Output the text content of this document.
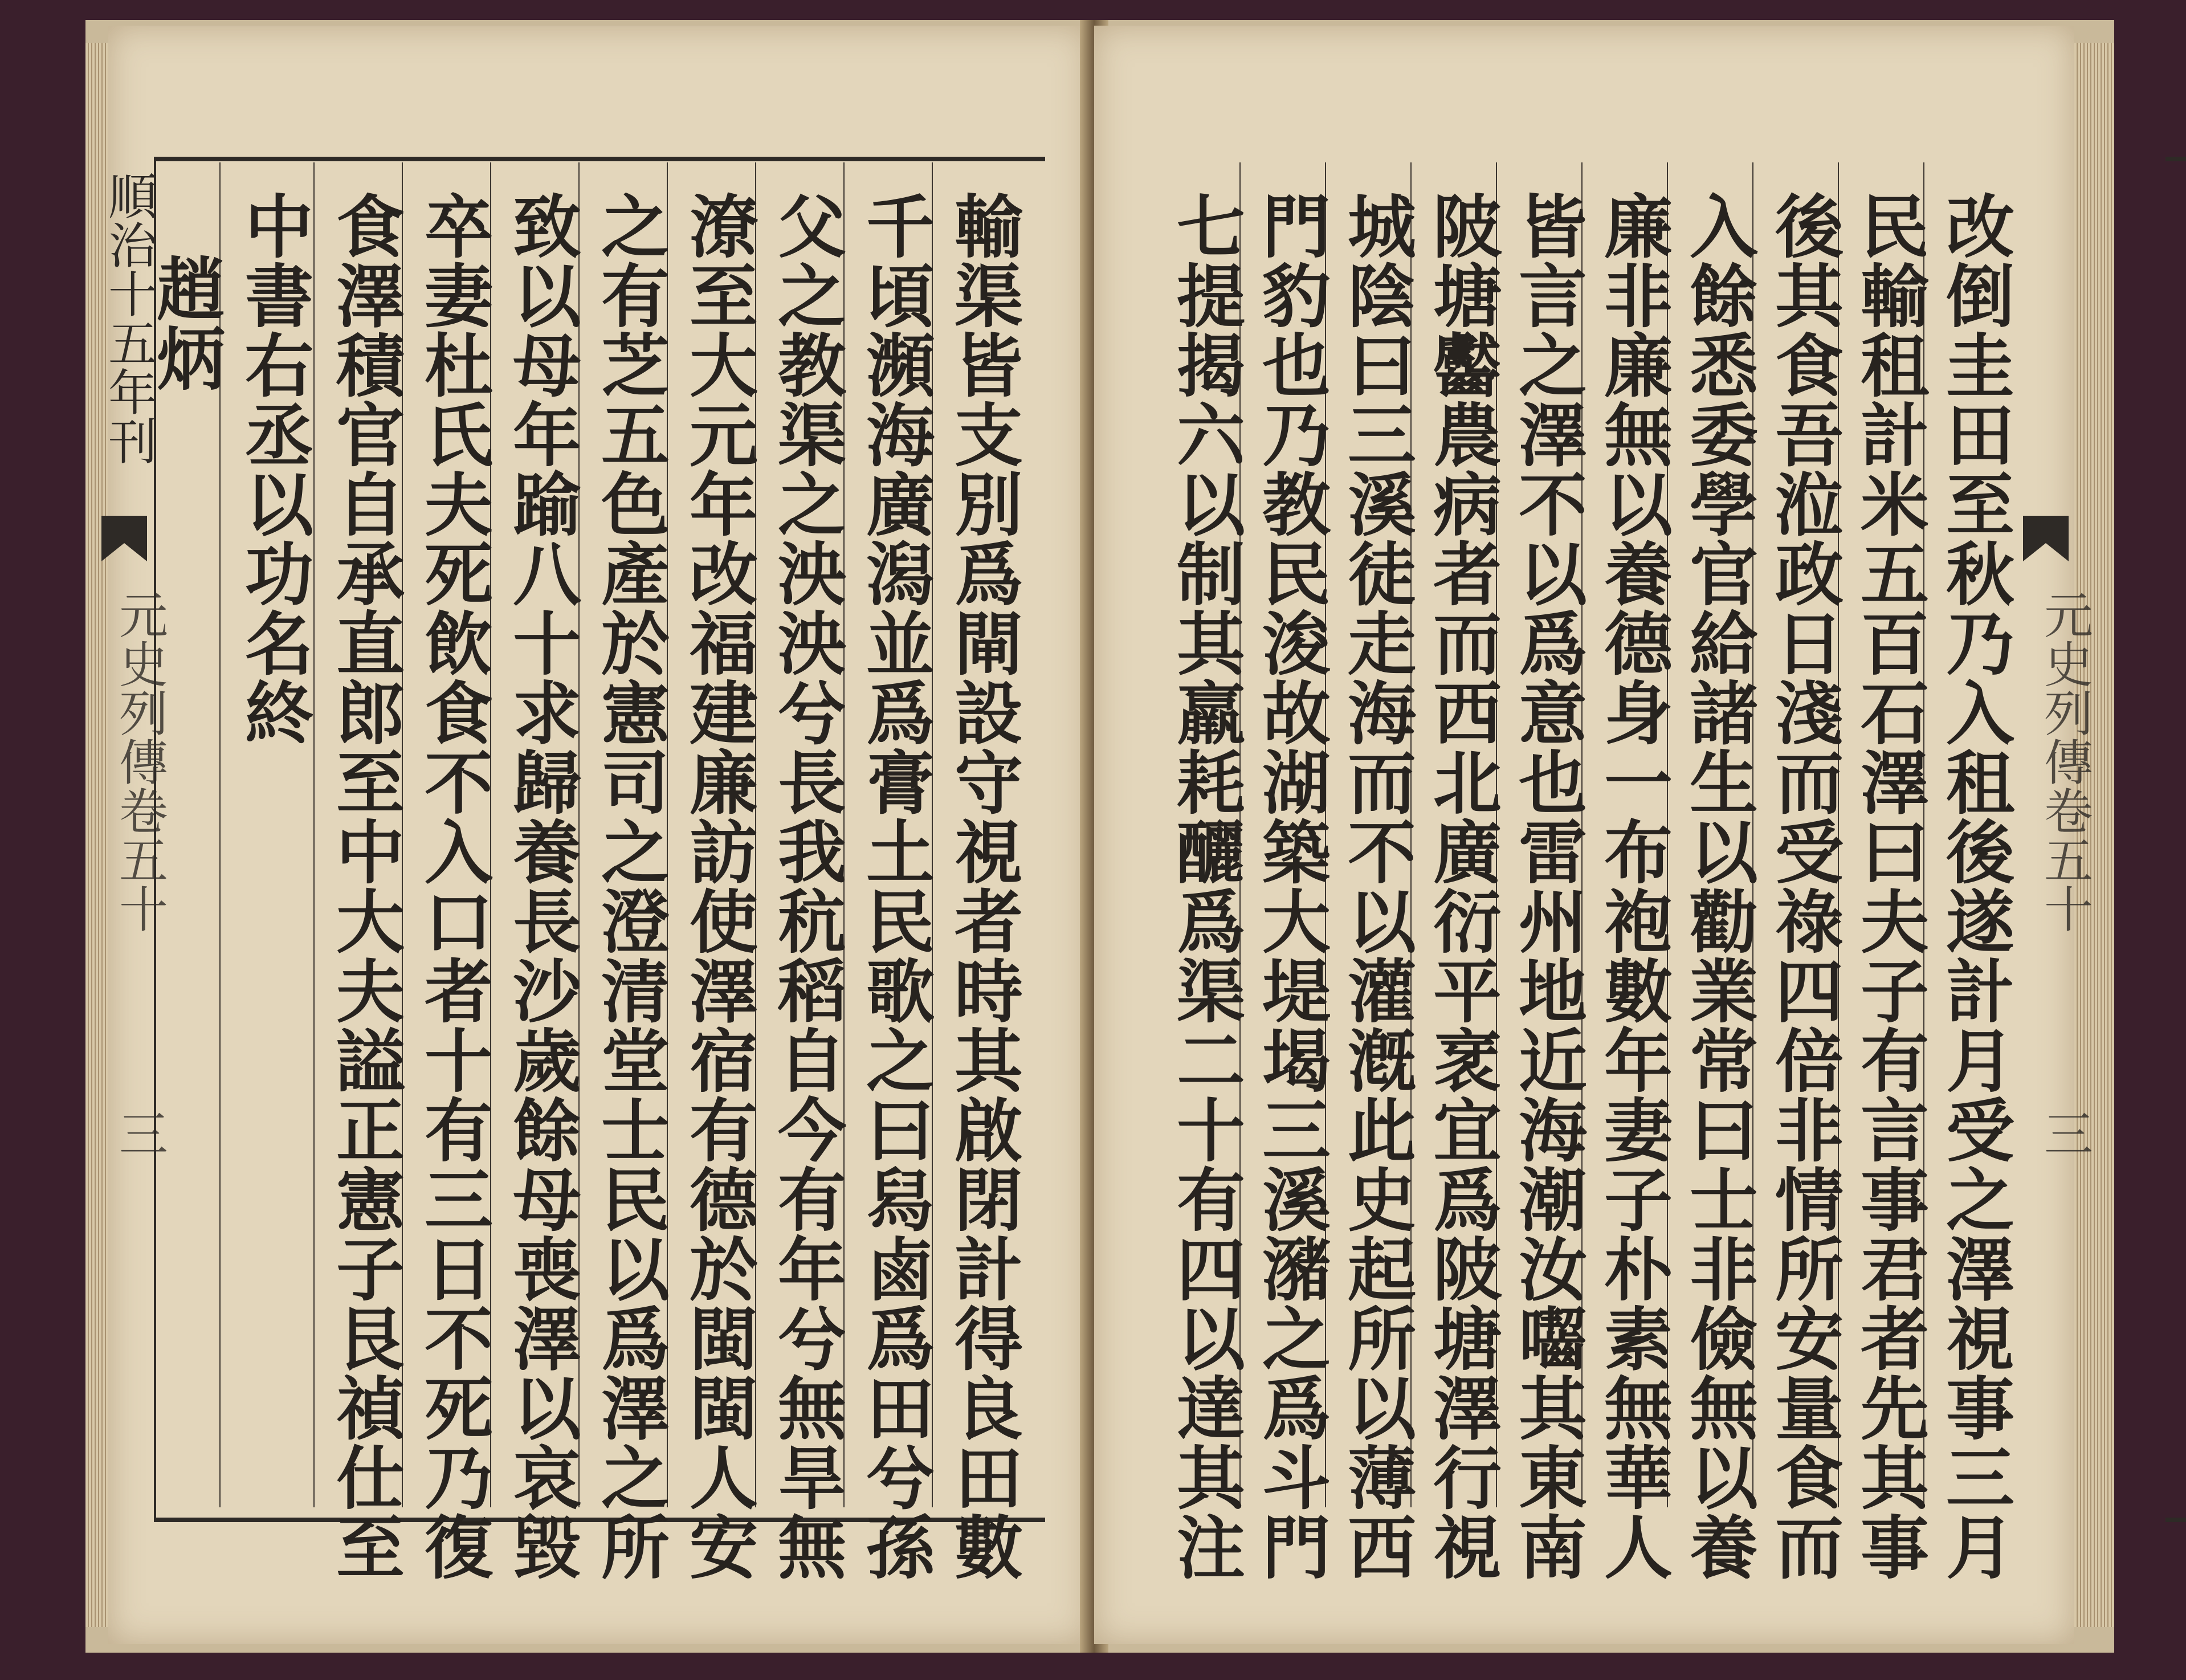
順治十五年刊
元史列傳卷五十
三	輸渠皆支別爲閘設守視者時其啟閉計得良田數
千頃瀕海廣潟並爲膏土民歌之曰舄鹵爲田兮孫
父之教渠之泱泱兮長我秔稻自今有年兮無旱無
潦至大元年改福建廉訪使澤宿有德於閩閩人安
之有芝五色產於憲司之澄清堂士民以爲澤之所
致以母年踰八十求歸養長沙歲餘母喪澤以哀毀
卒妻杜氏夫死飲食不入口者十有三日不死乃復
食澤積官自承直郎至中大夫謚正憲子艮禎仕至
中書右丞以功名終
趙炳
元史列傳卷五十
三
改倒圭田至秋乃入租後遂計月受之澤視事三月
民輸租計米五百石澤曰夫子有言事君者先其事
後其食吾涖政日淺而受祿四倍非情所安量食而
入餘悉委學官給諸生以勸業常曰士非儉無以養
廉非廉無以養德身一布袍數年妻子朴素無華人
皆言之澤不以爲意也雷州地近海潮汝囓其東南
陂塘齾農病者而西北廣衍平衺宜爲陂塘澤行視
城陰曰三溪徒走海而不以灌漑此史起所以薄西
門豹也乃教民浚故湖築大堤堨三溪瀦之爲斗門
七提揭六以制其羸耗釃爲渠二十有四以達其注
